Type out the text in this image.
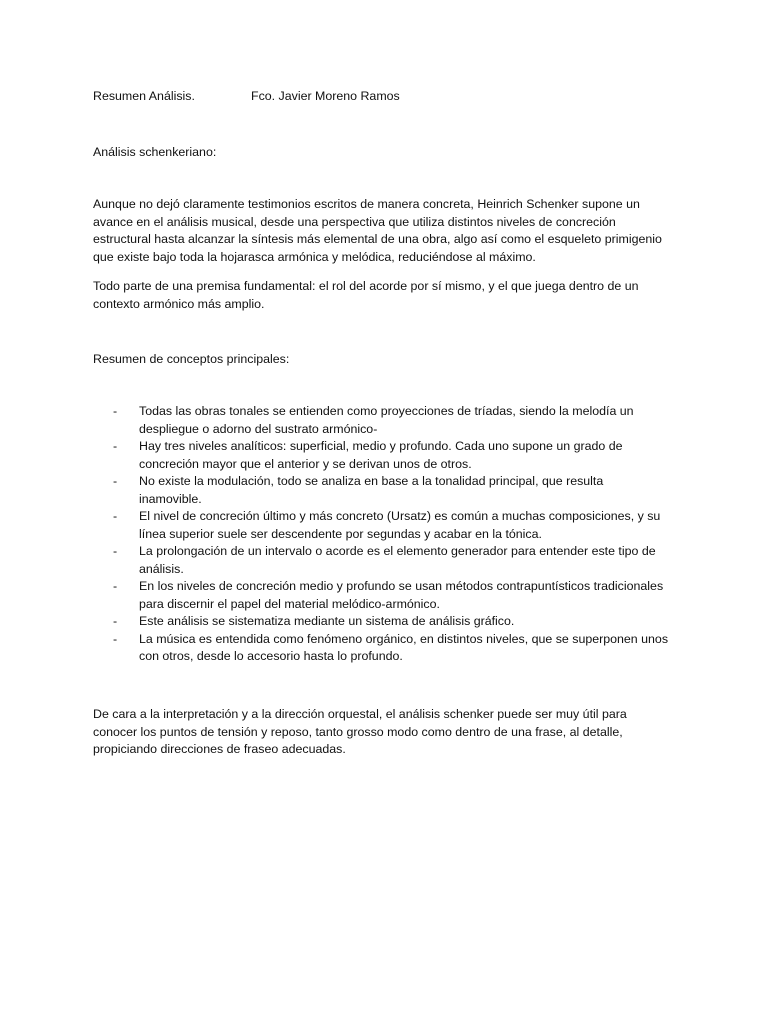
Resumen Análisis.	Fco. Javier Moreno Ramos
Análisis schenkeriano:

Aunque no dejó claramente testimonios escritos de manera concreta, Heinrich Schenker supone un avance en el análisis musical, desde una perspectiva que utiliza distintos niveles de concreción estructural hasta alcanzar la síntesis más elemental de una obra, algo así como el esqueleto primigenio que existe bajo toda la hojarasca armónica y melódica, reduciéndose al máximo.

Todo parte de una premisa fundamental: el rol del acorde por sí mismo, y el que juega dentro de un contexto armónico más amplio.

Resumen de conceptos principales:
- Todas las obras tonales se entienden como proyecciones de tríadas, siendo la melodía un despliegue o adorno del sustrato armónico-
- Hay tres niveles analíticos: superficial, medio y profundo. Cada uno supone un grado de concreción mayor que el anterior y se derivan unos de otros.
- No existe la modulación, todo se analiza en base a la tonalidad principal, que resulta inamovible.
- El nivel de concreción último y más concreto (Ursatz) es común a muchas composiciones, y su línea superior suele ser descendente por segundas y acabar en la tónica.
- La prolongación de un intervalo o acorde es el elemento generador para entender este tipo de análisis.
- En los niveles de concreción medio y profundo se usan métodos contrapuntísticos tradicionales para discernir el papel del material melódico-armónico.
- Este análisis se sistematiza mediante un sistema de análisis gráfico.
- La música es entendida como fenómeno orgánico, en distintos niveles, que se superponen unos con otros, desde lo accesorio hasta lo profundo.

De cara a la interpretación y a la dirección orquestal, el análisis schenker puede ser muy útil para conocer los puntos de tensión y reposo, tanto grosso modo como dentro de una frase, al detalle, propiciando direcciones de fraseo adecuadas.
